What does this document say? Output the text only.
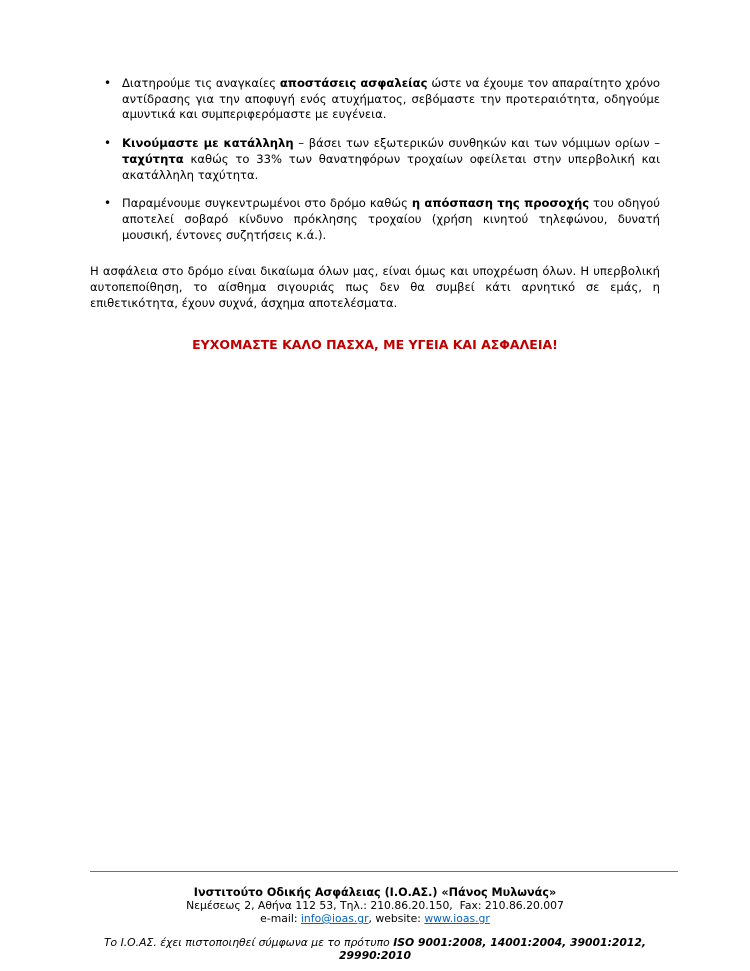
• Διατηρούμε τις αναγκαίες αποστάσεις ασφαλείας ώστε να έχουμε τον απαραίτητο χρόνο αντίδρασης για την αποφυγή ενός ατυχήματος, σεβόμαστε την προτεραιότητα, οδηγούμε αμυντικά και συμπεριφερόμαστε με ευγένεια.
• Κινούμαστε με κατάλληλη – βάσει των εξωτερικών συνθηκών και των νόμιμων ορίων – ταχύτητα καθώς το 33% των θανατηφόρων τροχαίων οφείλεται στην υπερβολική και ακατάλληλη ταχύτητα.
• Παραμένουμε συγκεντρωμένοι στο δρόμο καθώς η απόσπαση της προσοχής του οδηγού αποτελεί σοβαρό κίνδυνο πρόκλησης τροχαίου (χρήση κινητού τηλεφώνου, δυνατή μουσική, έντονες συζητήσεις κ.ά.).

Η ασφάλεια στο δρόμο είναι δικαίωμα όλων μας, είναι όμως και υποχρέωση όλων. Η υπερβολική αυτοπεποίθηση, το αίσθημα σιγουριάς πως δεν θα συμβεί κάτι αρνητικό σε εμάς, η επιθετικότητα, έχουν συχνά, άσχημα αποτελέσματα.

ΕΥΧΟΜΑΣΤΕ ΚΑΛΟ ΠΑΣΧΑ, ΜΕ ΥΓΕΙΑ ΚΑΙ ΑΣΦΑΛΕΙΑ!
Ινστιτούτο Οδικής Ασφάλειας (Ι.Ο.ΑΣ.) «Πάνος Μυλωνάς»
Νεμέσεως 2, Αθήνα 112 53, Τηλ.: 210.86.20.150,  Fax: 210.86.20.007
e-mail: info@ioas.gr, website: www.ioas.gr
Το Ι.Ο.ΑΣ. έχει πιστοποιηθεί σύμφωνα με το πρότυπο ISO 9001:2008, 14001:2004, 39001:2012, 29990:2010
